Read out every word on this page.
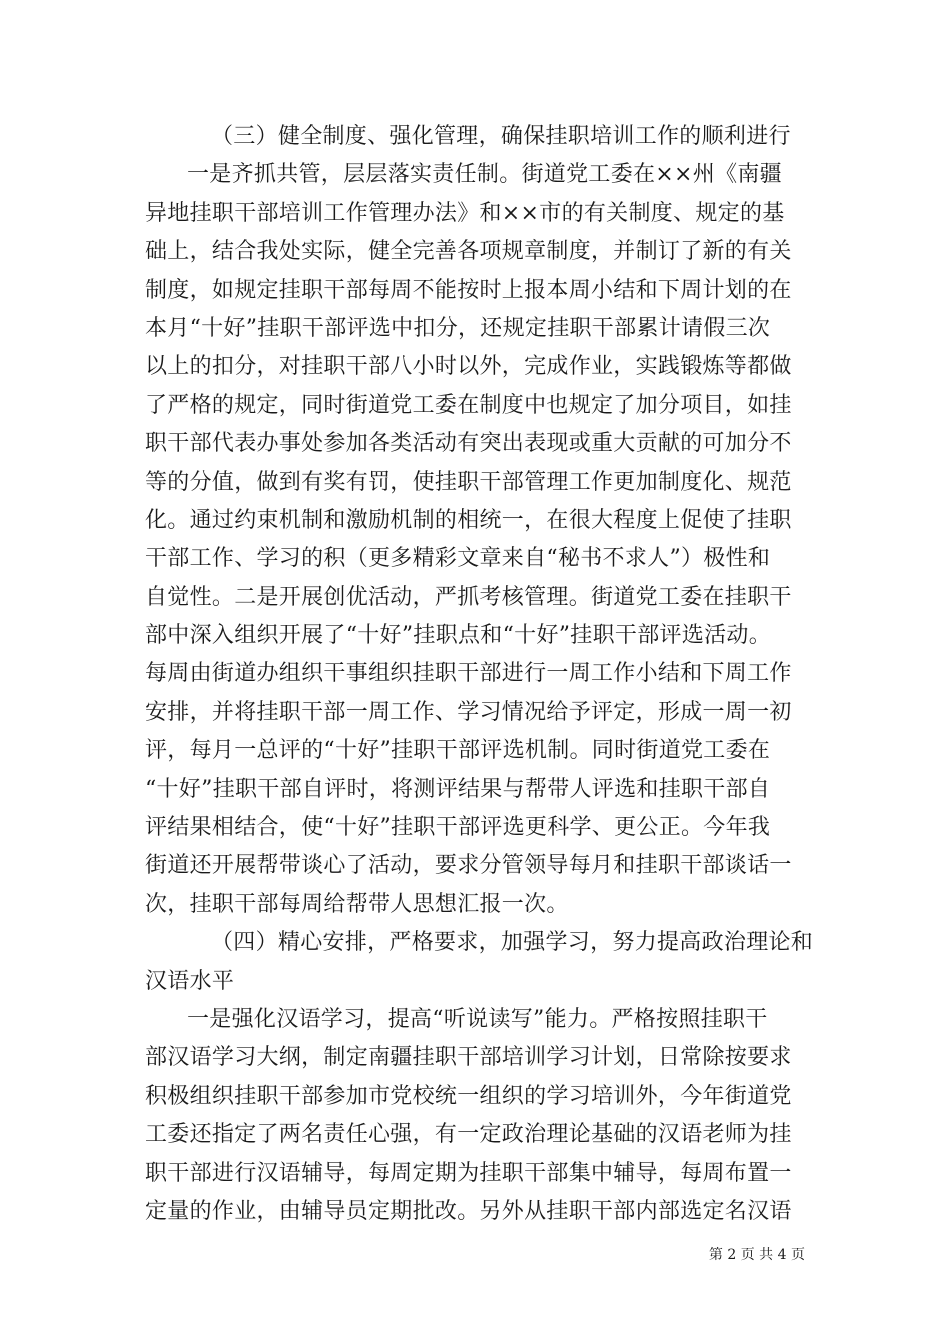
（三）健全制度、强化管理，确保挂职培训工作的顺利进行
一是齐抓共管，层层落实责任制。街道党工委在××州《南疆
异地挂职干部培训工作管理办法》和××市的有关制度、规定的基
础上，结合我处实际，健全完善各项规章制度，并制订了新的有关
制度，如规定挂职干部每周不能按时上报本周小结和下周计划的在
本月“十好”挂职干部评选中扣分，还规定挂职干部累计请假三次
以上的扣分，对挂职干部八小时以外，完成作业，实践锻炼等都做
了严格的规定，同时街道党工委在制度中也规定了加分项目，如挂
职干部代表办事处参加各类活动有突出表现或重大贡献的可加分不
等的分值，做到有奖有罚，使挂职干部管理工作更加制度化、规范
化。通过约束机制和激励机制的相统一，在很大程度上促使了挂职
干部工作、学习的积（更多精彩文章来自“秘书不求人”）极性和
自觉性。二是开展创优活动，严抓考核管理。街道党工委在挂职干
部中深入组织开展了“十好”挂职点和“十好”挂职干部评选活动。
每周由街道办组织干事组织挂职干部进行一周工作小结和下周工作
安排，并将挂职干部一周工作、学习情况给予评定，形成一周一初
评，每月一总评的“十好”挂职干部评选机制。同时街道党工委在
“十好”挂职干部自评时，将测评结果与帮带人评选和挂职干部自
评结果相结合，使“十好”挂职干部评选更科学、更公正。今年我
街道还开展帮带谈心了活动，要求分管领导每月和挂职干部谈话一
次，挂职干部每周给帮带人思想汇报一次。
（四）精心安排，严格要求，加强学习，努力提高政治理论和
汉语水平
一是强化汉语学习，提高“听说读写”能力。严格按照挂职干
部汉语学习大纲，制定南疆挂职干部培训学习计划，日常除按要求
积极组织挂职干部参加市党校统一组织的学习培训外，今年街道党
工委还指定了两名责任心强，有一定政治理论基础的汉语老师为挂
职干部进行汉语辅导，每周定期为挂职干部集中辅导，每周布置一
定量的作业，由辅导员定期批改。另外从挂职干部内部选定名汉语
第 2 页 共 4 页
